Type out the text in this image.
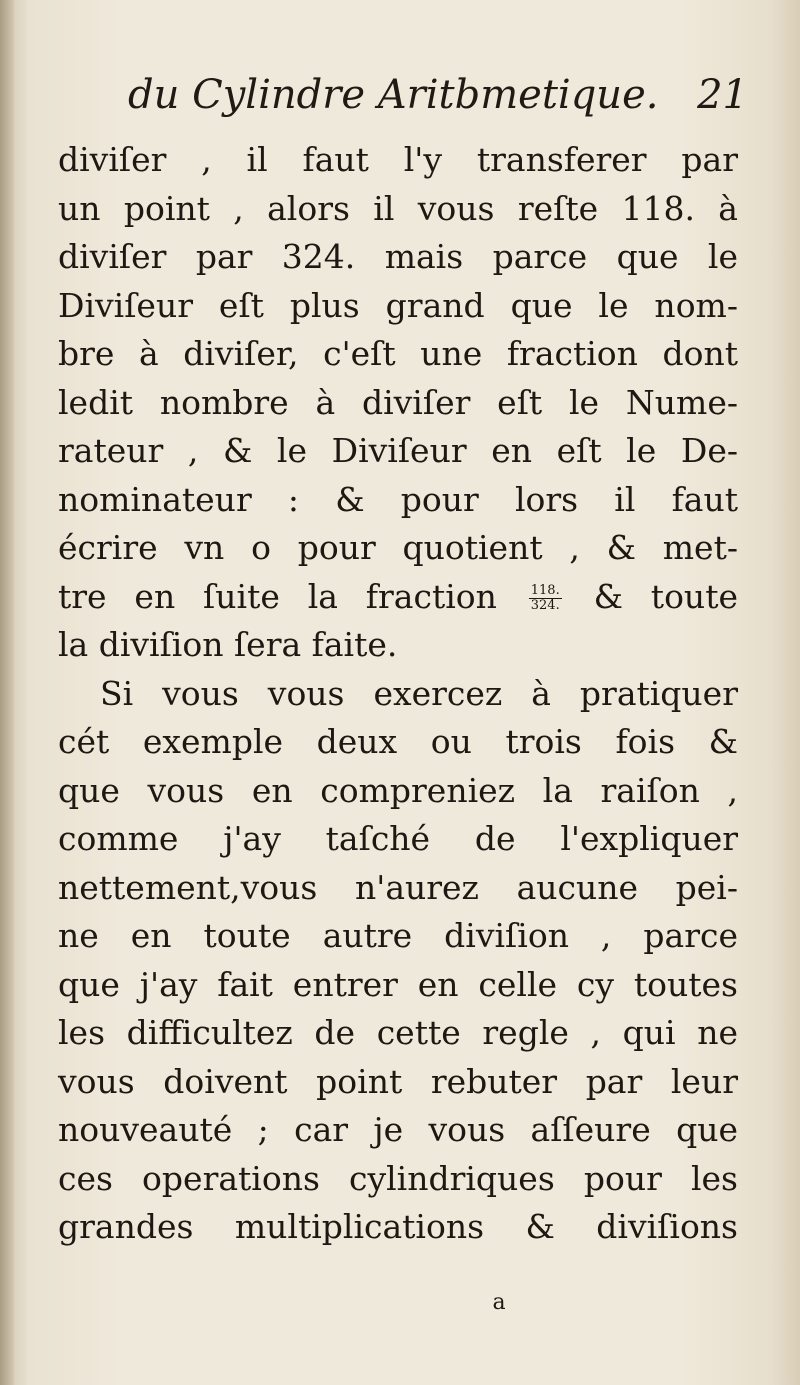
du Cylindre Aritbmetique. 21
diviſer , il faut l'y transferer par
un point , alors il vous reſte 118. à
diviſer par 324. mais parce que le
Diviſeur eſt plus grand que le nom-
bre à diviſer, c'eſt une fraction dont
ledit nombre à diviſer eſt le Nume-
rateur , & le Diviſeur en eſt le De-
nominateur : & pour lors il faut
écrire vn o pour quotient , & met-
tre en ſuite la fraction $\frac{118.}{324.}$ & toute
la diviſion ſera faite.
Si vous vous exercez à pratiquer
cét exemple deux ou trois fois &
que vous en compreniez la raiſon ,
comme j'ay taſché de l'expliquer
nettement,vous n'aurez aucune pei-
ne en toute autre diviſion , parce
que j'ay fait entrer en celle cy toutes
les difficultez de cette regle , qui ne
vous doivent point rebuter par leur
nouveauté ; car je vous aſſeure que
ces operations cylindriques pour les
grandes multiplications & diviſions
a
